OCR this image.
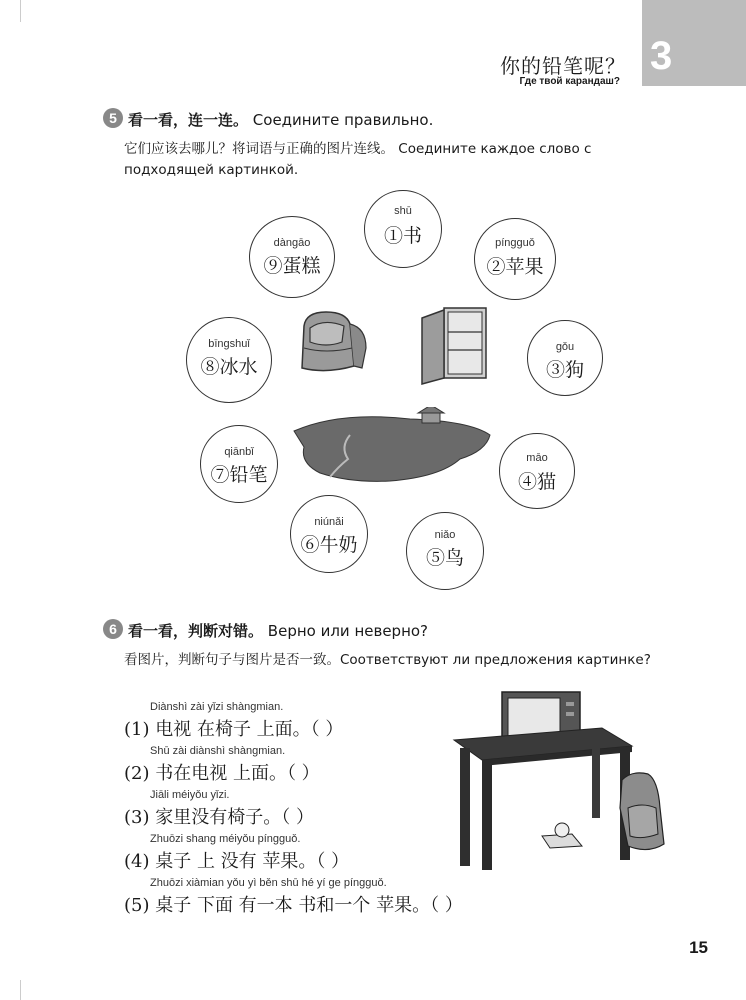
3
你的铅笔呢？
Где твой карандаш?
5 看一看，连一连。 Соедините правильно.
它们应该去哪儿？将词语与正确的图片连线。 Соедините каждое слово с
подходящей картинкой.
shū
①书	píngguǒ
②苹果
gǒu
③狗
māo
④猫
niǎo
⑤鸟
niúnǎi
⑥牛奶
qiānbǐ
⑦铅笔
bīngshuǐ
⑧冰水
dàngāo
⑨蛋糕
6 看一看，判断对错。 Верно или неверно?
看图片，判断句子与图片是否一致。Соответствуют ли предложения картинке?
Diànshì zài yǐzi shàngmian.
(1) 电视 在椅子 上面。（ ）
Shū zài diànshì shàngmian.
(2) 书在电视 上面。（ ）
Jiāli méiyǒu yǐzi.
(3) 家里没有椅子。（ ）
Zhuōzi shang méiyǒu píngguǒ.
(4) 桌子 上 没有 苹果。（ ）
Zhuōzi xiàmian yǒu yì běn shū hé yí ge píngguǒ.
(5) 桌子 下面 有一本 书和一个 苹果。（ ）
15
